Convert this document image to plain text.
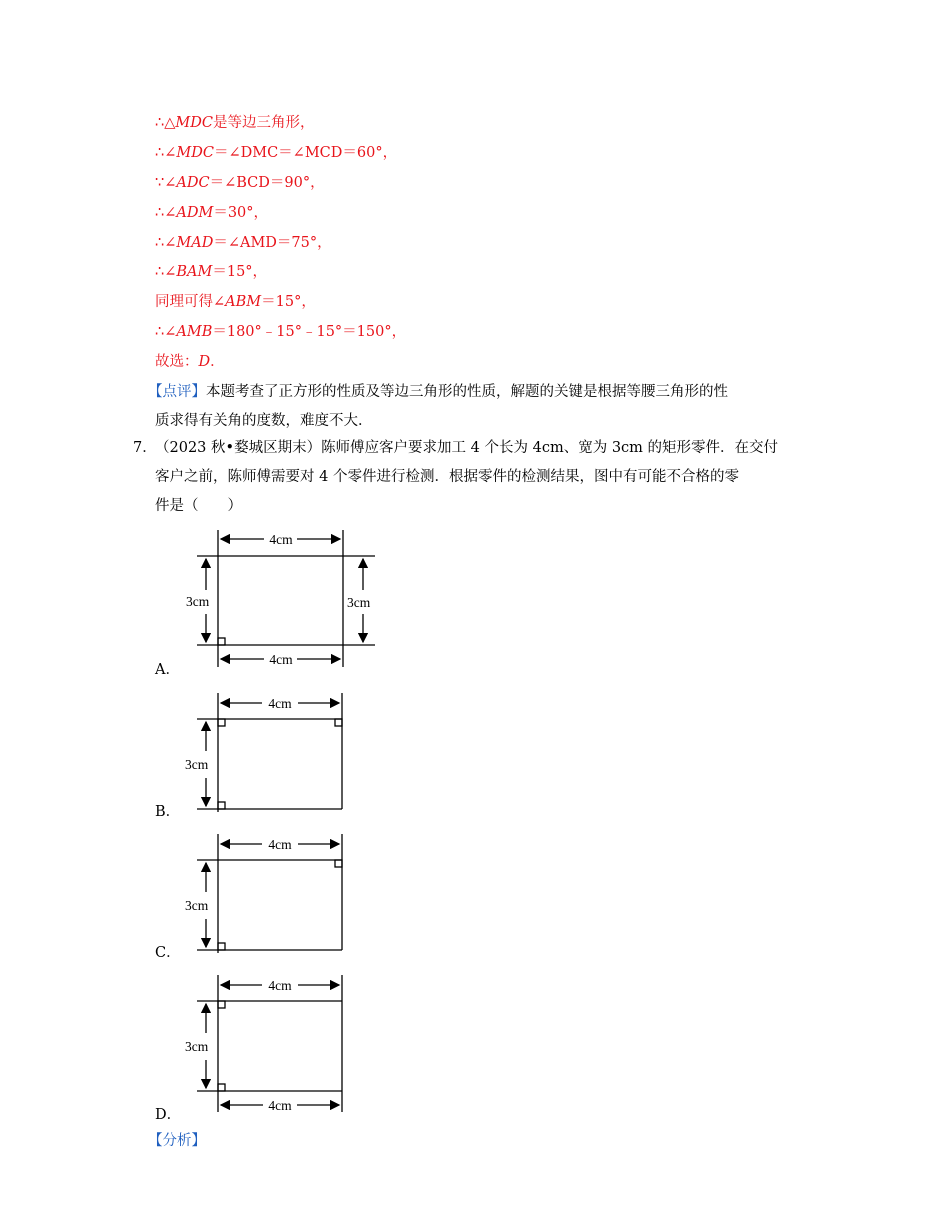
∴△MDC是等边三角形，
∴∠MDC＝∠DMC＝∠MCD＝60°，
∵∠ADC＝∠BCD＝90°，
∴∠ADM＝30°，
∴∠MAD＝∠AMD＝75°，
∴∠BAM＝15°，
同理可得∠ABM＝15°，
∴∠AMB＝180°﹣15°﹣15°＝150°，
故选：D．
【点评】本题考查了正方形的性质及等边三角形的性质，解题的关键是根据等腰三角形的性
质求得有关角的度数，难度不大．
7．
（2023 秋•婺城区期末）陈师傅应客户要求加工 4 个长为 4cm、宽为 3cm 的矩形零件．在交付
客户之前，陈师傅需要对 4 个零件进行检测．根据零件的检测结果，图中有可能不合格的零
件是（　　）
4cm
4cm
3cm	3cm
A．
4cm
3cm
B．
4cm
3cm
C．
4cm
4cm
3cm
D．
【分析】
